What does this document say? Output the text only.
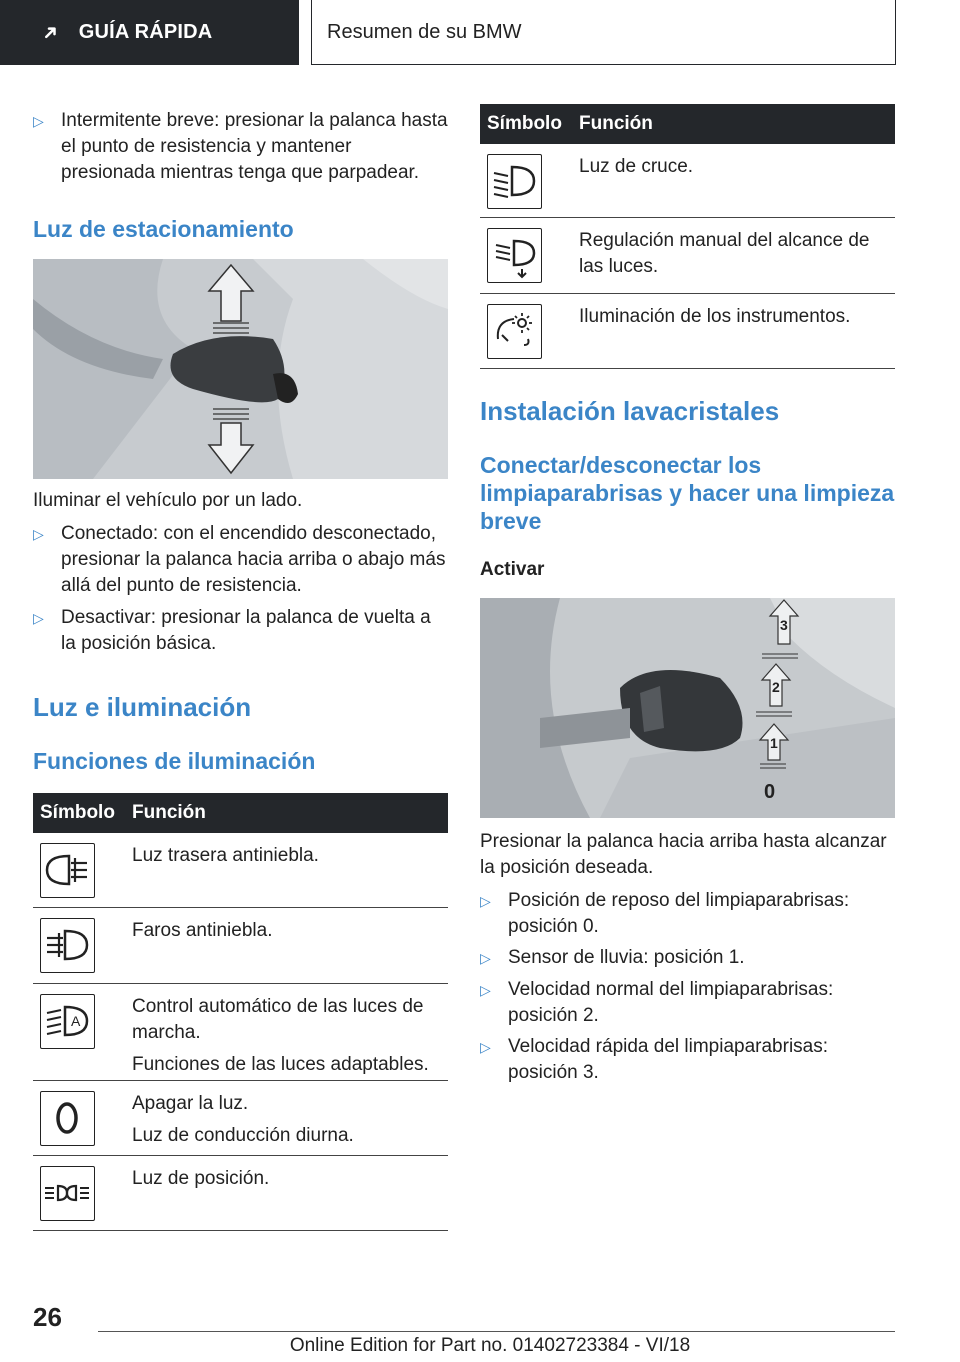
➜ GUÍA RÁPIDA	Resumen de su BMW
▷ Intermitente breve: presionar la palanca hasta el punto de resistencia y mantener presionada mientras tenga que parpadear.
Luz de estacionamiento
Iluminar el vehículo por un lado.
▷ Conectado: con el encendido desconectado, presionar la palanca hacia arriba o abajo más allá del punto de resistencia.
▷ Desactivar: presionar la palanca de vuelta a la posición básica.
Luz e iluminación
Funciones de iluminación
Símbolo Función

Luz trasera antiniebla.

Faros antiniebla.

A

Control automático de las luces de marcha.

Funciones de las luces adaptables.

Apagar la luz.

Luz de conducción diurna.

Luz de posición.

Símbolo Función

Luz de cruce.

Regulación manual del alcance de las luces.

Iluminación de los instrumentos.

Instalación lavacristales
Conectar/desconectar los limpiaparabrisas y hacer una limpieza breve
Activar
3
2
1
0
Presionar la palanca hacia arriba hasta alcanzar la posición deseada.
▷ Posición de reposo del limpiaparabrisas: posición 0.
▷ Sensor de lluvia: posición 1.
▷ Velocidad normal del limpiaparabrisas: posición 2.
▷ Velocidad rápida del limpiaparabrisas: posición 3.
26
Online Edition for Part no. 01402723384 - VI/18
